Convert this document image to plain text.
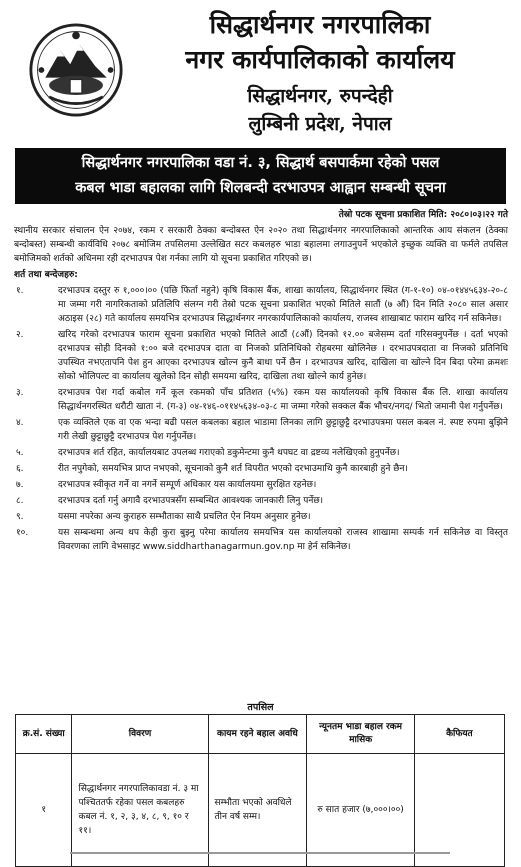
सिद्धार्थनगर नगरपालिका
नगर कार्यपालिकाको कार्यालय
सिद्धार्थनगर, रुपन्देही
लुम्बिनी प्रदेश, नेपाल
सिद्धार्थनगर नगरपालिका वडा नं. ३, सिद्धार्थ बसपार्कमा रहेको पसल
कबल भाडा बहालका लागि शिलबन्दी दरभाउपत्र आह्वान सम्बन्धी सूचना
तेस्रो पटक सूचना प्रकाशित मिति: २०८०।०३।२२ गते
स्थानीय सरकार संचालन ऐन २०७४, रकम र सरकारी ठेक्का बन्दोबस्त ऐन २०२० तथा सिद्धार्थनगर नगरपालिकाको आन्तरिक आय संकलन (ठेक्का बन्दोबस्त) सम्बन्धी कार्यविधि २०७८ बमोजिम तपसिलमा उल्लेखित सटर कबलहरु भाडा बहालमा लगाउनुपर्ने भएकोले इच्छुक व्यक्ति वा फर्मले तपसिल बमोजिमको शर्तको अधिनमा रही दरभाउपत्र पेश गर्नका लागि यो सूचना प्रकाशित गरिएको छ।
शर्त तथा बन्देजहरु:
१.	दरभाउपत्र दस्तुर रु १,०००।०० (पछि फिर्ता नहुने) कृषि विकास बैंक, शाखा कार्यालय, सिद्धार्थनगर स्थित (ग-१-१०) ०४-०१४४५६३४-२०-८ मा जम्मा गरी नागरिकताको प्रतिलिपि संलग्न गरी तेस्रो पटक सूचना प्रकाशित भएको मितिले सातौं (७ औं) दिन मिति २०८० साल असार अठाइस (२८) गते कार्यालय समयभित्र दरभाउपत्र सिद्धार्थनगर नगरकार्यपालिकाको कार्यालय, राजस्व शाखाबाट फाराम खरिद गर्न सकिनेछ।
२.	खरिद गरेको दरभाउपत्र फाराम सूचना प्रकाशित भएको मितिले आठौं (८औं) दिनको १२.०० बजेसम्म दर्ता गरिसक्नुपर्नेछ । दर्ता भएको दरभाउपत्र सोही दिनको १:०० बजे दरभाउपत्र दाता वा निजको प्रतिनिधिको रोहबरमा खोलिनेछ । दरभाउपत्रदाता वा निजको प्रतिनिधि उपस्थित नभएतापनि पेश हुन आएका दरभाउपत्र खोल्न कुनै बाधा पर्ने छैन । दरभाउपत्र खरिद, दाखिला वा खोल्ने दिन बिदा परेमा क्रमशः सोको भोलिपल्ट वा कार्यालय खुलेको दिन सोही समयमा खरिद, दाखिला तथा खोल्ने कार्य हुनेछ।
३.	दरभाउपत्र पेश गर्दा कबोल गर्ने कूल रकमको पाँच प्रतिशत (५%) रकम यस कार्यालयको कृषि विकास बैंक लि. शाखा कार्यालय सिद्धार्थनगरस्थित धरौटी खाता नं. (ग-३) ०४-१४६-०११४५६३४-०३-८ मा जम्मा गरेको सक्कल बैंक भौचर/नगद/ भितो जमानी पेश गर्नुपर्नेछ।
४.	एक व्यक्तिले एक वा एक भन्दा बढी पसल कबलका बहाल भाडामा लिनका लागि छुट्टाछुट्टै दरभाउपत्रमा पसल कबल नं. स्पष्ट रुपमा बुझिने गरी लेखी छुट्टाछुट्टै दरभाउपत्र पेश गर्नुपर्नेछ।
५.	दरभाउपत्र शर्त रहित, कार्यालयबाट उपलब्ध गराएको डकुमेन्टमा कुनै थपघट वा द्रष्टव्य नलेखिएको हुनुपर्नेछ।
६.	रीत नपुगेको, समयभित्र प्राप्त नभएको, सूचनाको कुनै शर्त विपरीत भएको दरभाउमाथि कुनै कारबाही हुने छैन।
७.	दरभाउपत्र स्वीकृत गर्ने वा नगर्ने सम्पूर्ण अधिकार यस कार्यालयमा सुरक्षित रहनेछ।
८.	दरभाउपत्र दर्ता गर्नु अगावै दरभाउपत्रसँग सम्बन्धित आवश्यक जानकारी लिनु पर्नेछ।
९.	यसमा नपरेका अन्य कुराहरु सम्भौताका साथै प्रचलित ऐन नियम अनुसार हुनेछ।
१०.	यस सम्बन्धमा अन्य थप केही कुरा बुझ्नु परेमा कार्यालय समयभित्र यस कार्यालयको राजस्व शाखामा सम्पर्क गर्न सकिनेछ वा विस्तृत विवरणका लागि वेभसाइट www.siddharthanagarmun.gov.np मा हेर्न सकिनेछ।
तपसिल
क्र.सं. संख्या	विवरण	कायम रहने बहाल अवधि	न्यूनतम भाडा बहाल रकम मासिक	कैफियत
१	सिद्धार्थनगर नगरपालिकावडा नं. ३ मा पश्चिततर्फ रहेका पसल कबलहरु कबल नं. १, २, ३, ४, ८, ९, १० र ११।	सम्भौता भएको अवधिले तीन वर्ष सम्म।	रु सात हजार (७,०००।००)	
